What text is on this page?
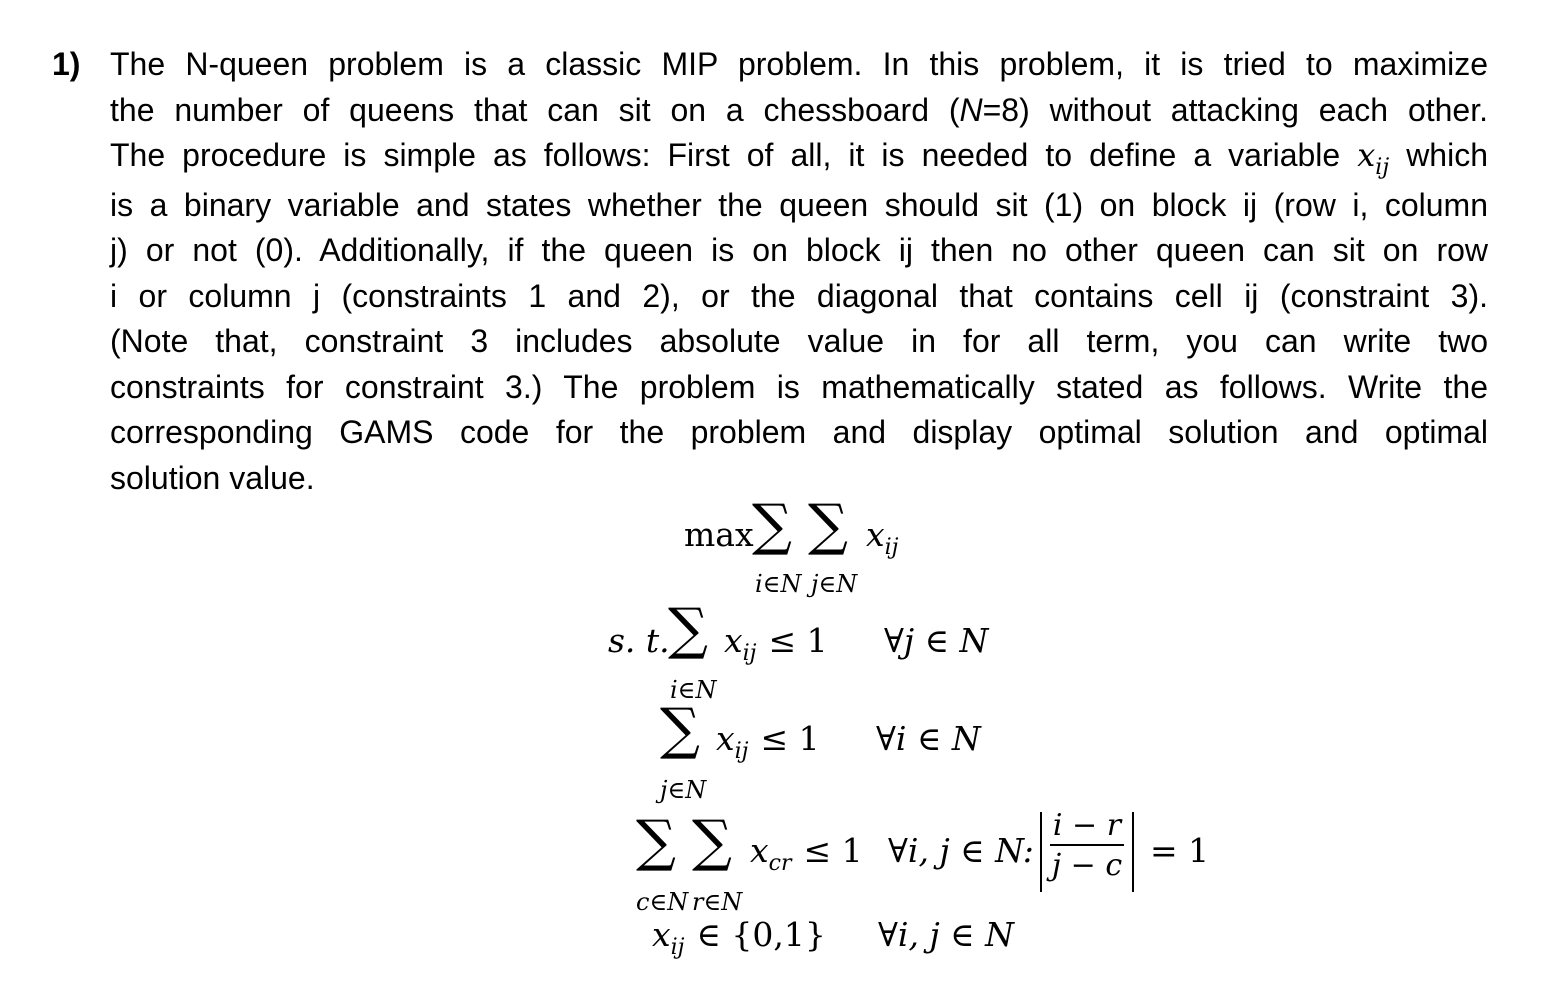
1) The N-queen problem is a classic MIP problem. In this problem, it is tried to maximize
the number of queens that can sit on a chessboard (N=8) without attacking each other.
The procedure is simple as follows: First of all, it is needed to define a variable $x_{ij}$ which
is a binary variable and states whether the queen should sit (1) on block ij (row i, column
j) or not (0). Additionally, if the queen is on block ij then no other queen can sit on row
i or column j (constraints 1 and 2), or the diagonal that contains cell ij (constraint 3).
(Note that, constraint 3 includes absolute value in for all term, you can write two
constraints for constraint 3.) The problem is mathematically stated as follows. Write the
corresponding GAMS code for the problem and display optimal solution and optimal
solution value.
max
∑ ∑ $x_{ij}$
i∈N j∈N
s. t.
∑ $x_{ij} \le 1$ ∀j ∈ N
i∈N
∑ $x_{ij} \le 1$ ∀i ∈ N
j∈N
∑ ∑ $x_{cr} \le 1$ ∀i, j ∈ N:
i − r
j − c = 1
c∈N r∈N
$x_{ij}$ ∈ {0,1} ∀i, j ∈ N
